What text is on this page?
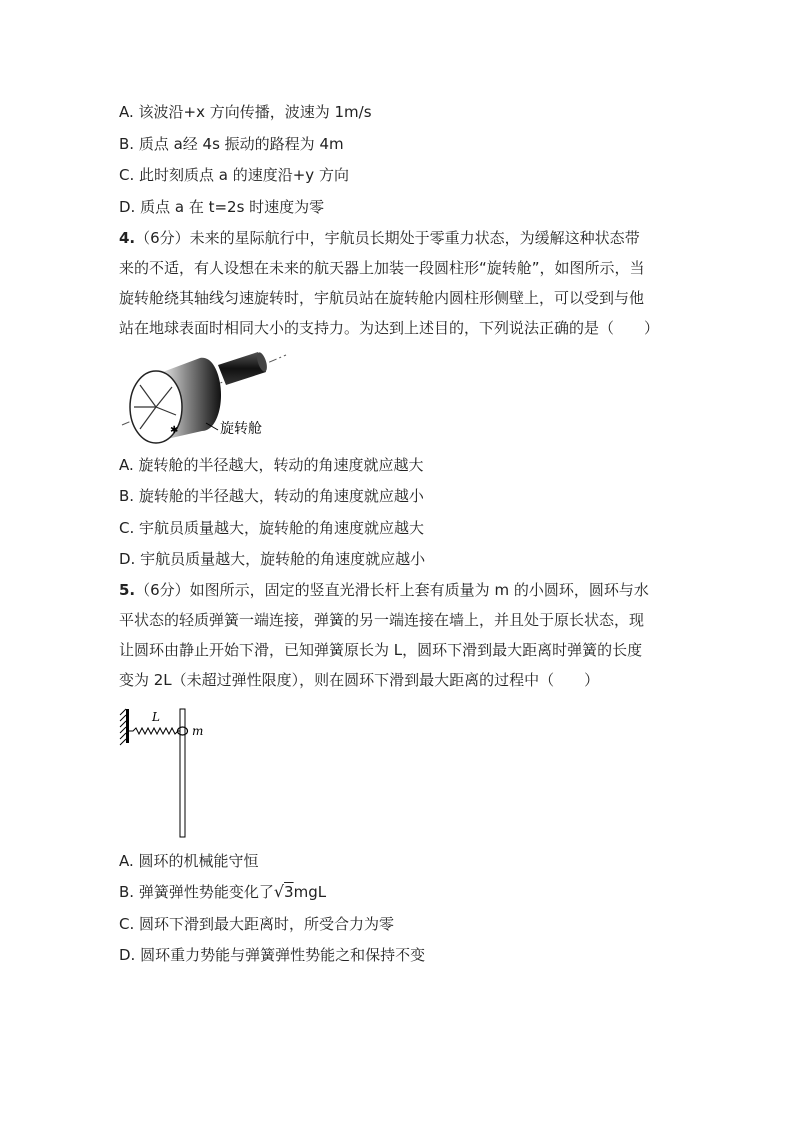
A. 该波沿+x 方向传播，波速为 1m/s
B. 质点 a经 4s 振动的路程为 4m
C. 此时刻质点 a 的速度沿+y 方向
D. 质点 a 在 t=2s 时速度为零
4.（6分）未来的星际航行中，宇航员长期处于零重力状态，为缓解这种状态带
来的不适，有人设想在未来的航天器上加装一段圆柱形“旋转舱”，如图所示，当
旋转舱绕其轴线匀速旋转时，宇航员站在旋转舱内圆柱形侧壁上，可以受到与他
站在地球表面时相同大小的支持力。为达到上述目的，下列说法正确的是（　　）
✱	旋转舱
A. 旋转舱的半径越大，转动的角速度就应越大
B. 旋转舱的半径越大，转动的角速度就应越小
C. 宇航员质量越大，旋转舱的角速度就应越大
D. 宇航员质量越大，旋转舱的角速度就应越小
5.（6分）如图所示，固定的竖直光滑长杆上套有质量为 m 的小圆环，圆环与水
平状态的轻质弹簧一端连接，弹簧的另一端连接在墙上，并且处于原长状态，现
让圆环由静止开始下滑，已知弹簧原长为 L，圆环下滑到最大距离时弹簧的长度
变为 2L（未超过弹性限度），则在圆环下滑到最大距离的过程中（　　）
L
m
A. 圆环的机械能守恒
B. 弹簧弹性势能变化了√3mgL
C. 圆环下滑到最大距离时，所受合力为零
D. 圆环重力势能与弹簧弹性势能之和保持不变
